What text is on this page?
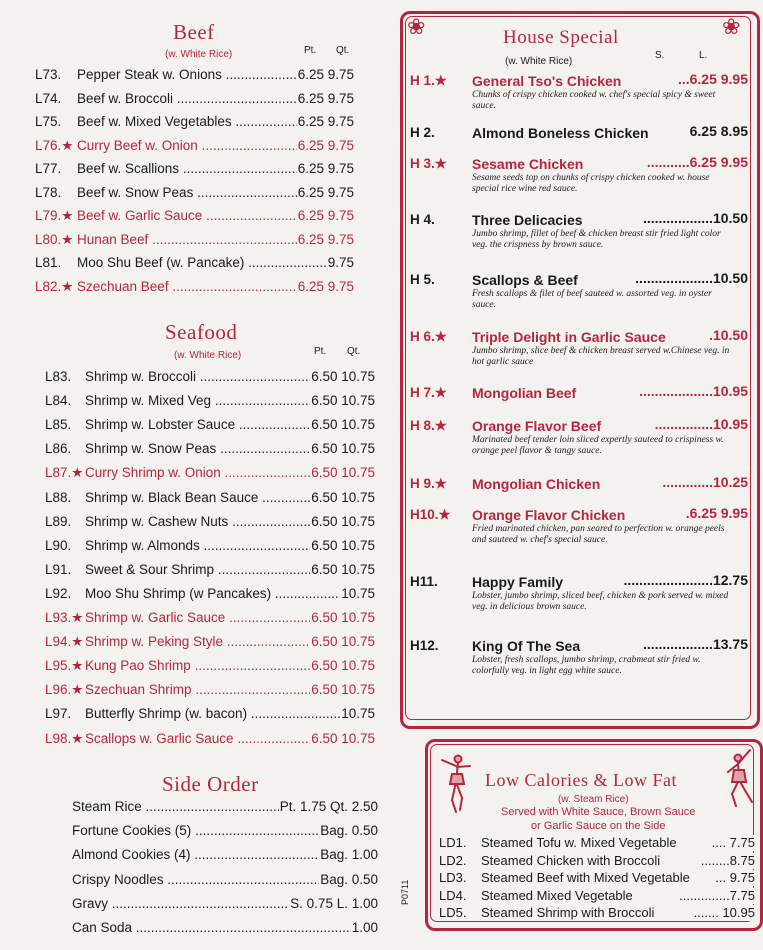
Beef
(w. White Rice)	Pt. Qt.
L73. Pepper Steak w. Onions .....	6.25 9.75
L74. Beef w. Broccoli .....	6.25 9.75
L75. Beef w. Mixed Vegetables .....	6.25 9.75
L76.★ Curry Beef w. Onion .....	6.25 9.75
L77. Beef w. Scallions .....	6.25 9.75
L78. Beef w. Snow Peas .....	6.25 9.75
L79.★ Beef w. Garlic Sauce .....	6.25 9.75
L80.★ Hunan Beef .....	6.25 9.75
L81. Moo Shu Beef (w. Pancake) .....	9.75
L82.★ Szechuan Beef .....	6.25 9.75
Seafood
(w. White Rice)	Pt. Qt.
L83. Shrimp w. Broccoli .....	6.50 10.75
L84. Shrimp w. Mixed Veg .....	6.50 10.75
L85. Shrimp w. Lobster Sauce .....	6.50 10.75
L86. Shrimp w. Snow Peas .....	6.50 10.75
L87.★ Curry Shrimp w. Onion .....	6.50 10.75
L88. Shrimp w. Black Bean Sauce .....	6.50 10.75
L89. Shrimp w. Cashew Nuts .....	6.50 10.75
L90. Shrimp w. Almonds .....	6.50 10.75
L91. Sweet & Sour Shrimp .....	6.50 10.75
L92. Moo Shu Shrimp (w Pancakes) .....	10.75
L93.★ Shrimp w. Garlic Sauce .....	6.50 10.75
L94.★ Shrimp w. Peking Style .....	6.50 10.75
L95.★ Kung Pao Shrimp .....	6.50 10.75
L96.★ Szechuan Shrimp .....	6.50 10.75
L97. Butterfly Shrimp (w. bacon) .....	10.75
L98.★ Scallops w. Garlic Sauce .....	6.50 10.75
Side Order
Steam Rice .....	Pt. 1.75 Qt. 2.50
Fortune Cookies (5) .....	Bag. 0.50
Almond Cookies (4) .....	Bag. 1.00
Crispy Noodles .....	Bag. 0.50
Gravy .....	S. 0.75 L. 1.00
Can Soda .....	1.00
❀	❀
House Special
(w. White Rice)
S.	L.
H 1.★ General Tso's Chicken	...6.25 9.95
Chunks of crispy chicken cooked w. chef's special spicy & sweet sauce.
H 2.	Almond Boneless Chicken	6.25 8.95
H 3.★ Sesame Chicken	...........6.25 9.95
Sesame seeds top on chunks of crispy chicken cooked w. house special rice wine red sauce.
H 4.	Three Delicacies	..................10.50
Jumbo shrimp, fillet of beef & chicken breast stir fried light color veg. the crispness by brown sauce.
H 5.	Scallops & Beef	....................10.50
Fresh scallops & filet of beef sauteed w. assorted veg. in oyster sauce.
H 6.★ Triple Delight in Garlic Sauce	.10.50
Jumbo shrimp, slice beef & chicken breast served w.Chinese veg. in hot garlic sauce
H 7.★ Mongolian Beef	...................10.95
H 8.★ Orange Flavor Beef	...............10.95
Marinated beef tender loin sliced expertly sauteed to crispiness w. orange peel flavor & tangy sauce.
H 9.★ Mongolian Chicken	.............10.25
H10.★ Orange Flavor Chicken	.6.25 9.95
Fried marinated chicken, pan seared to perfection w. orange peels and sauteed w. chef's special sauce.
H11. Happy Family	.......................12.75
Lobster, jumbo shrimp, sliced beef, chicken & pork served w. mixed veg. in delicious brown sauce.
H12. King Of The Sea	..................13.75
Lobster, fresh scallops, jumbo shrimp, crabmeat stir fried w. colorfully veg. in light egg white sauce.
Low Calories & Low Fat
(w. Steam Rice)
Served with White Sauce, Brown Sauce
or Garlic Sauce on the Side
LD1. Steamed Tofu w. Mixed Vegetable	.... 7.75
LD2. Steamed Chicken with Broccoli	........8.75
LD3. Steamed Beef with Mixed Vegetable ... 9.75
LD4. Steamed Mixed Vegetable	..............7.75
LD5. Steamed Shrimp with Broccoli	....... 10.95
P0711
